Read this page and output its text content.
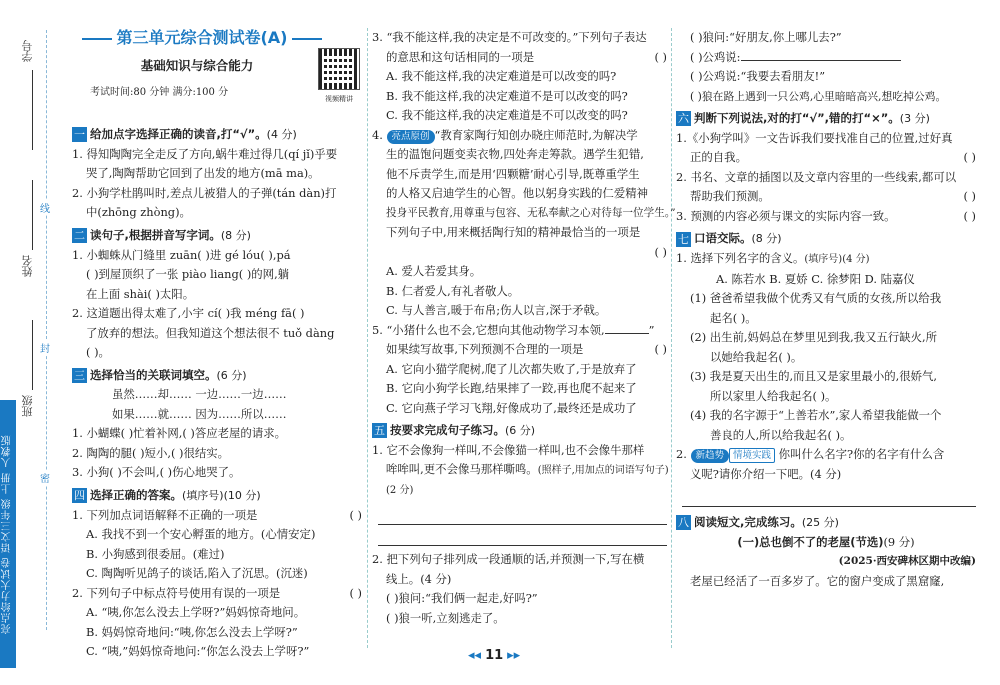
学号
姓名
班级
线
封
密
亮点给力大试卷 语文三年级 上册 人教版
第三单元综合测试卷(A)
基础知识与综合能力
考试时间:80 分钟 满分:100 分
视频精讲
一 给加点字选择正确的读音,打“√”。(4 分)
1. 得知陶陶完全走反了方向,蜗牛难过得几(qí jǐ)乎要
哭了,陶陶帮助它回到了出发的地方(mā ma)。
2. 小狗学杜鹃叫时,差点儿被猎人的子弹(tán dàn)打
中(zhōng zhòng)。
二 读句子,根据拼音写字词。(8 分)
1. 小蜘蛛从门缝里 zuān( )进 gé lóu( ),pá
( )到屋顶织了一张 piào liang( )的网,躺
在上面 shài( )太阳。
2. 这道题出得太难了,小宇 cí( )我 méng fā( )
了放弃的想法。但我知道这个想法很不 tuǒ dàng
( )。
三 选择恰当的关联词填空。(6 分)
虽然……却…… 一边……一边……
如果……就…… 因为……所以……
1. 小蝴蝶( )忙着补网,( )答应老屋的请求。
2. 陶陶的腿( )短小,( )很结实。
3. 小狗( )不会叫,( )伤心地哭了。
四 选择正确的答案。(填序号)(10 分)
1. 下列加点词语解释不正确的一项是	( )
A. 我找不到一个安心孵蛋的地方。(心情安定)
B. 小狗感到很委屈。(难过)
C. 陶陶听见鸽子的谈话,陷入了沉思。(沉迷)
2. 下列句子中标点符号使用有误的一项是	( )
A. “咦,你怎么没去上学呀?”妈妈惊奇地问。
B. 妈妈惊奇地问:“咦,你怎么没去上学呀?”
C. “咦,”妈妈惊奇地问:“你怎么没去上学呀?”
3. “我不能这样,我的决定是不可改变的。”下列句子表达
的意思和这句话相同的一项是	( )
A. 我不能这样,我的决定难道是可以改变的吗?
B. 我不能这样,我的决定难道不是可以改变的吗?
C. 我不能这样,我的决定难道是不可以改变的吗?
4. 亮点原创 “教育家陶行知创办晓庄师范时,为解决学
生的温饱问题变卖衣物,四处奔走筹款。遇学生犯错,
他不斥责学生,而是用‘四颗糖’耐心引导,既尊重学生
的人格又启迪学生的心智。他以躬身实践的仁爱精神
投身平民教育,用尊重与包容、无私奉献之心对待每一位学生。”
下列句子中,用来概括陶行知的精神最恰当的一项是
( )
A. 爱人若爱其身。
B. 仁者爱人,有礼者敬人。
C. 与人善言,暖于布帛;伤人以言,深于矛戟。
5. “小猪什么也不会,它想向其他动物学习本领,	”
如果续写故事,下列预测不合理的一项是	( )
A. 它向小猫学爬树,爬了儿次都失败了,于是放弃了
B. 它向小狗学长跑,结果摔了一跤,再也爬不起来了
C. 它向燕子学习飞翔,好像成功了,最终还是成功了
五 按要求完成句子练习。(6 分)
1. 它不会像狗一样叫,不会像猫一样叫,也不会像牛那样
哞哞叫,更不会像马那样嘶鸣。(照样子,用加点的词语写句子)
(2 分)
2. 把下列句子排列成一段通顺的话,并预测一下,写在横
线上。(4 分)
( )狼问:“我们俩一起走,好吗?”
( )狼一听,立刻逃走了。
( )狼问:“好朋友,你上哪儿去?”
( )公鸡说:
( )公鸡说:“我要去看朋友!”
( )狼在路上遇到一只公鸡,心里暗暗高兴,想吃掉公鸡。
六 判断下列说法,对的打“√”,错的打“×”。(3 分)
1.《小狗学叫》一文告诉我们要找准自己的位置,过好真
正的自我。	( )
2. 书名、文章的插图以及文章内容里的一些线索,都可以
帮助我们预测。	( )
3. 预测的内容必须与课文的实际内容一致。	( )
七 口语交际。(8 分)
1. 选择下列名字的含义。(填序号)(4 分)
A. 陈若水 B. 夏娇 C. 徐梦阳 D. 陆嘉仪
(1) 爸爸希望我做个优秀又有气质的女孩,所以给我
起名( )。
(2) 出生前,妈妈总在梦里见到我,我又五行缺火,所
以她给我起名( )。
(3) 我是夏天出生的,而且又是家里最小的,很娇气,
所以家里人给我起名( )。
(4) 我的名字源于“上善若水”,家人希望我能做一个
善良的人,所以给我起名( )。
2. 新趋势 情境实践 你叫什么名字?你的名字有什么含
义呢?请你介绍一下吧。(4 分)
八 阅读短文,完成练习。(25 分)
(一)总也倒不了的老屋(节选)(9 分)
(2025·西安碑林区期中改编)
老屋已经活了一百多岁了。它的窗户变成了黑窟窿,
◂◂ 11 ▸▸
